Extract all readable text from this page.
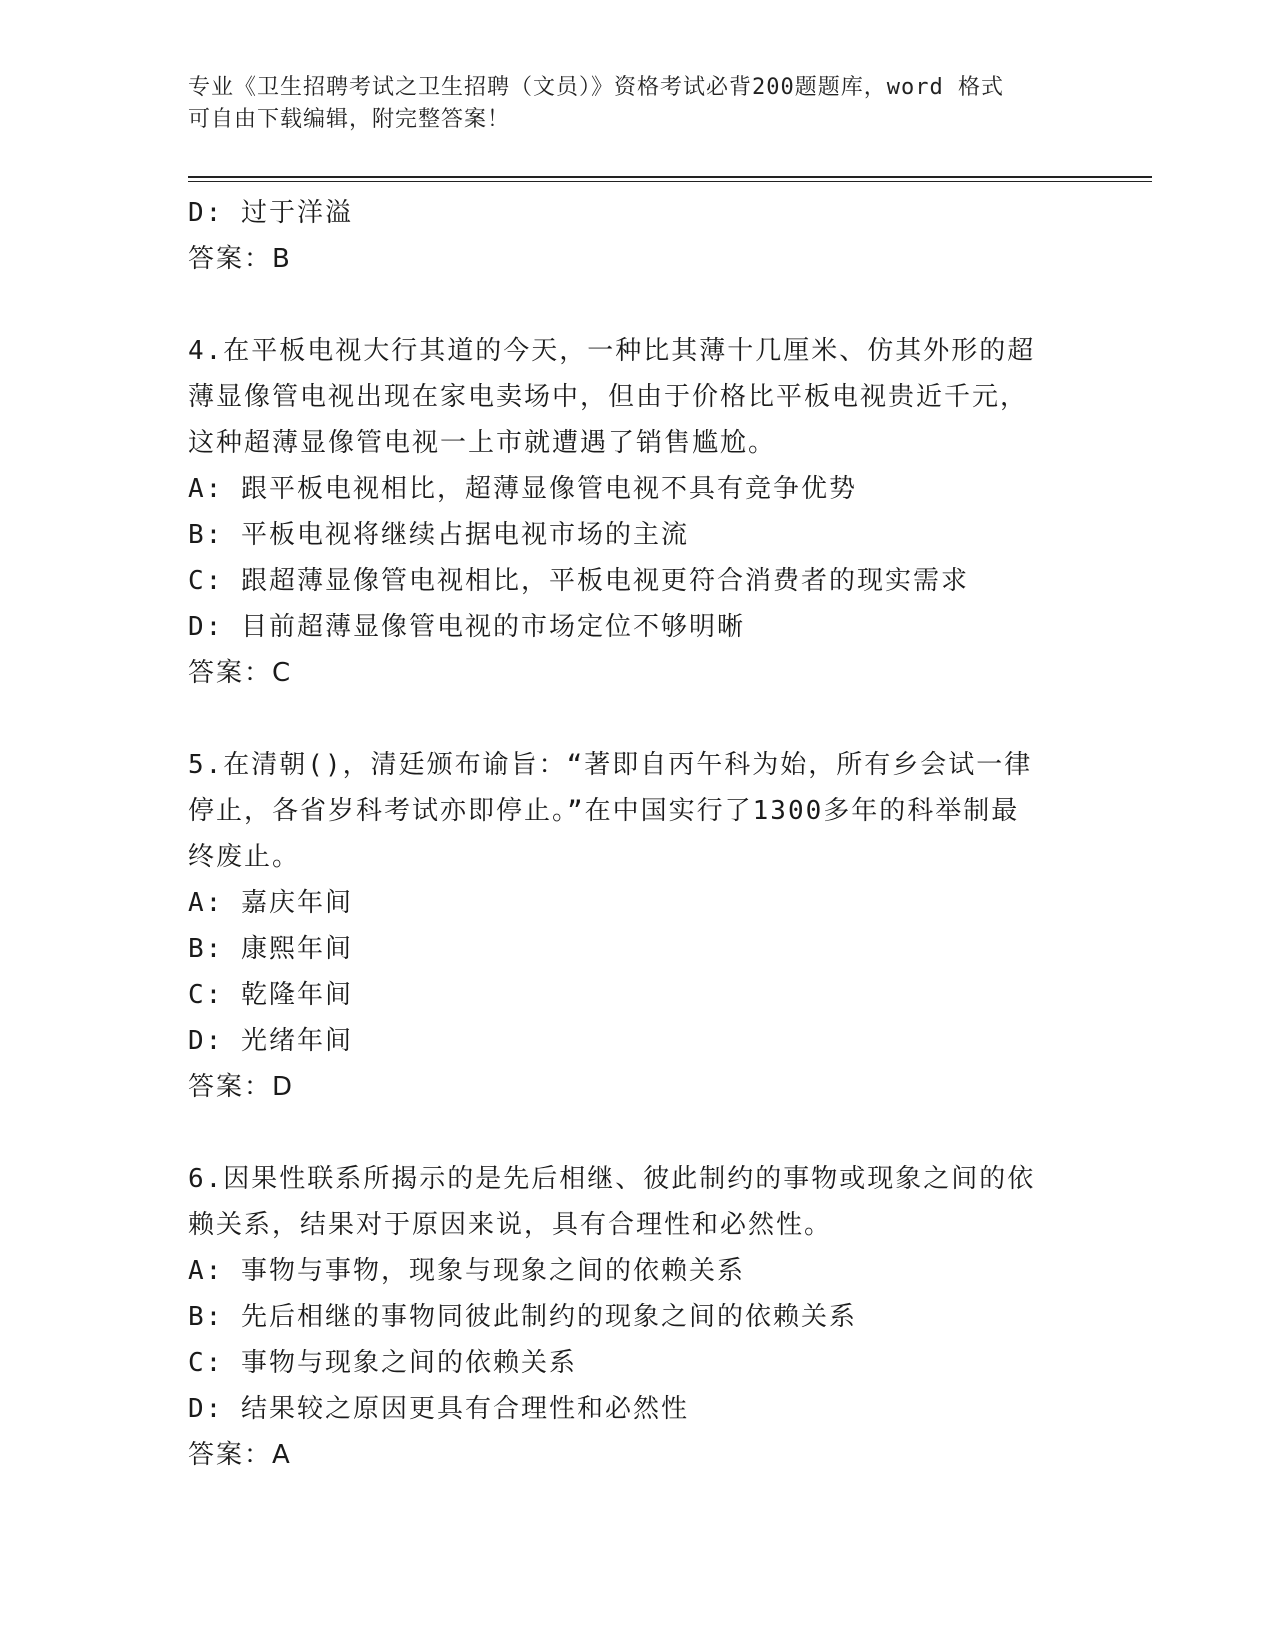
专业《卫生招聘考试之卫生招聘（文员）》资格考试必背200题题库，word 格式
可自由下载编辑，附完整答案！
D: 过于洋溢
答案：B
4.在平板电视大行其道的今天，一种比其薄十几厘米、仿其外形的超
薄显像管电视出现在家电卖场中，但由于价格比平板电视贵近千元，
这种超薄显像管电视一上市就遭遇了销售尴尬。
A: 跟平板电视相比，超薄显像管电视不具有竞争优势
B: 平板电视将继续占据电视市场的主流
C: 跟超薄显像管电视相比，平板电视更符合消费者的现实需求
D: 目前超薄显像管电视的市场定位不够明晰
答案：C
5.在清朝()，清廷颁布谕旨：“著即自丙午科为始，所有乡会试一律
停止，各省岁科考试亦即停止。”在中国实行了1300多年的科举制最
终废止。
A: 嘉庆年间
B: 康熙年间
C: 乾隆年间
D: 光绪年间
答案：D
6.因果性联系所揭示的是先后相继、彼此制约的事物或现象之间的依
赖关系，结果对于原因来说，具有合理性和必然性。
A: 事物与事物，现象与现象之间的依赖关系
B: 先后相继的事物同彼此制约的现象之间的依赖关系
C: 事物与现象之间的依赖关系
D: 结果较之原因更具有合理性和必然性
答案：A
